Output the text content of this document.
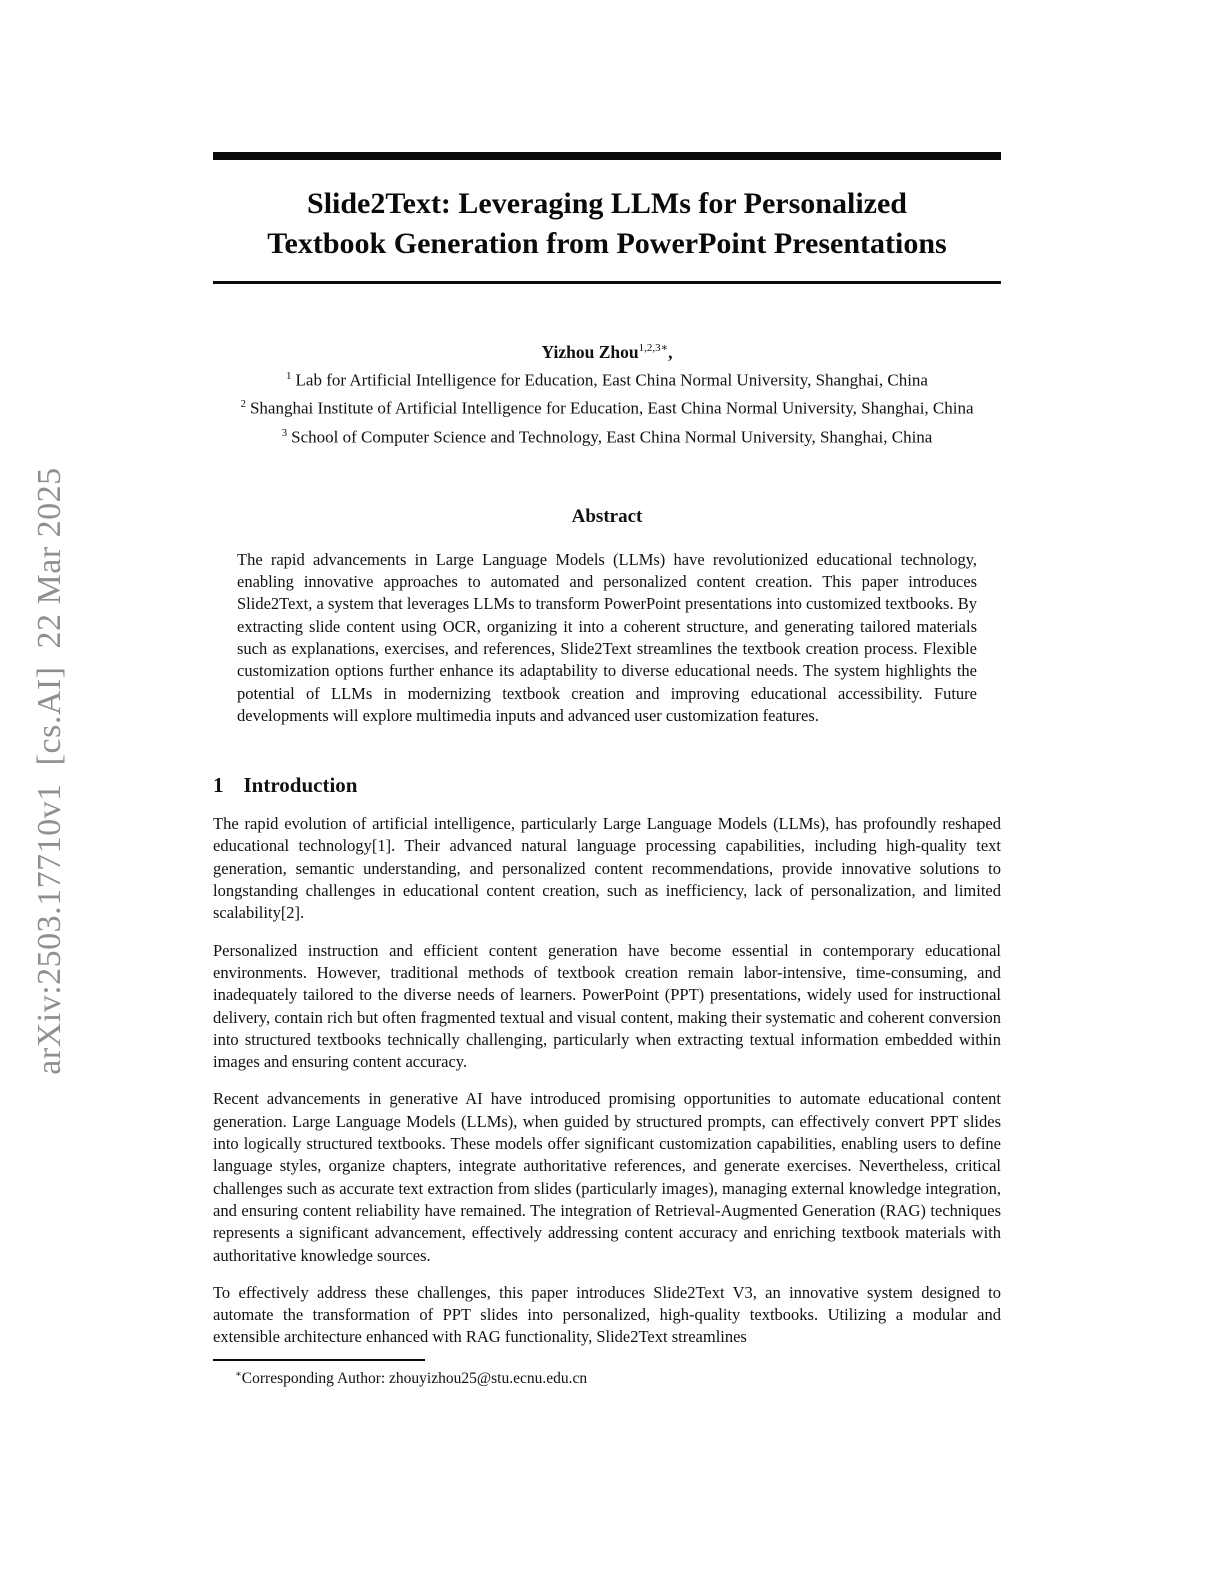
arXiv:2503.17710v1  [cs.AI]  22 Mar 2025
Slide2Text: Leveraging LLMs for Personalized
Textbook Generation from PowerPoint Presentations
Yizhou Zhou$^{1,2,3∗}$,
$^1$ Lab for Artificial Intelligence for Education, East China Normal University, Shanghai, China
$^2$ Shanghai Institute of Artificial Intelligence for Education, East China Normal University, Shanghai, China
$^3$ School of Computer Science and Technology, East China Normal University, Shanghai, China
Abstract
The rapid advancements in Large Language Models (LLMs) have revolutionized educational technology, enabling innovative approaches to automated and personalized content creation. This paper introduces Slide2Text, a system that leverages LLMs to transform PowerPoint presentations into customized textbooks. By extracting slide content using OCR, organizing it into a coherent structure, and generating tailored materials such as explanations, exercises, and references, Slide2Text streamlines the textbook creation process. Flexible customization options further enhance its adaptability to diverse educational needs. The system highlights the potential of LLMs in modernizing textbook creation and improving educational accessibility. Future developments will explore multimedia inputs and advanced user customization features.
1 Introduction
The rapid evolution of artificial intelligence, particularly Large Language Models (LLMs), has profoundly reshaped educational technology[1]. Their advanced natural language processing capabilities, including high-quality text generation, semantic understanding, and personalized content recommendations, provide innovative solutions to longstanding challenges in educational content creation, such as inefficiency, lack of personalization, and limited scalability[2].
Personalized instruction and efficient content generation have become essential in contemporary educational environments. However, traditional methods of textbook creation remain labor-intensive, time-consuming, and inadequately tailored to the diverse needs of learners. PowerPoint (PPT) presentations, widely used for instructional delivery, contain rich but often fragmented textual and visual content, making their systematic and coherent conversion into structured textbooks technically challenging, particularly when extracting textual information embedded within images and ensuring content accuracy.
Recent advancements in generative AI have introduced promising opportunities to automate educational content generation. Large Language Models (LLMs), when guided by structured prompts, can effectively convert PPT slides into logically structured textbooks. These models offer significant customization capabilities, enabling users to define language styles, organize chapters, integrate authoritative references, and generate exercises. Nevertheless, critical challenges such as accurate text extraction from slides (particularly images), managing external knowledge integration, and ensuring content reliability have remained. The integration of Retrieval-Augmented Generation (RAG) techniques represents a significant advancement, effectively addressing content accuracy and enriching textbook materials with authoritative knowledge sources.
To effectively address these challenges, this paper introduces Slide2Text V3, an innovative system designed to automate the transformation of PPT slides into personalized, high-quality textbooks. Utilizing a modular and extensible architecture enhanced with RAG functionality, Slide2Text streamlines
∗Corresponding Author: zhouyizhou25@stu.ecnu.edu.cn
